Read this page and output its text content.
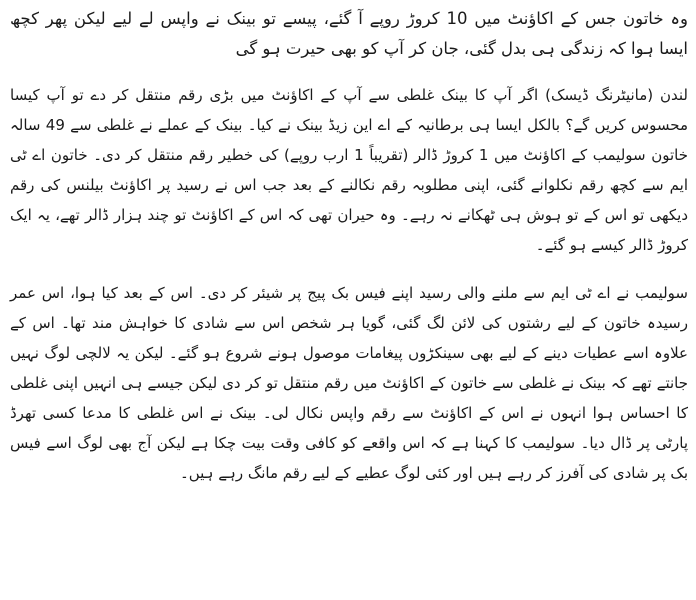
وہ خاتون جس کے اکاؤنٹ میں 10 کروڑ روپے آ گئے، پیسے تو بینک نے واپس لے لیے لیکن پھر کچھ ایسا ہوا کہ زندگی ہی بدل گئی، جان کر آپ کو بھی حیرت ہو گی

لندن (مانیٹرنگ ڈیسک) اگر آپ کا بینک غلطی سے آپ کے اکاؤنٹ میں بڑی رقم منتقل کر دے تو آپ کیسا محسوس کریں گے؟ بالکل ایسا ہی برطانیہ کے اے این زیڈ بینک نے کیا۔ بینک کے عملے نے غلطی سے 49 سالہ خاتون سولیمب کے اکاؤنٹ میں 1 کروڑ ڈالر (تقریباً 1 ارب روپے) کی خطیر رقم منتقل کر دی۔ خاتون اے ٹی ایم سے کچھ رقم نکلوانے گئی، اپنی مطلوبہ رقم نکالنے کے بعد جب اس نے رسید پر اکاؤنٹ بیلنس کی رقم دیکھی تو اس کے تو ہوش ہی ٹھکانے نہ رہے۔ وہ حیران تھی کہ اس کے اکاؤنٹ تو چند ہزار ڈالر تھے، یہ ایک کروڑ ڈالر کیسے ہو گئے۔

سولیمب نے اے ٹی ایم سے ملنے والی رسید اپنے فیس بک پیج پر شیئر کر دی۔ اس کے بعد کیا ہوا، اس عمر رسیدہ خاتون کے لیے رشتوں کی لائن لگ گئی، گویا ہر شخص اس سے شادی کا خواہش مند تھا۔ اس کے علاوہ اسے عطیات دینے کے لیے بھی سینکڑوں پیغامات موصول ہونے شروع ہو گئے۔ لیکن یہ لالچی لوگ نہیں جانتے تھے کہ بینک نے غلطی سے خاتون کے اکاؤنٹ میں رقم منتقل تو کر دی لیکن جیسے ہی انہیں اپنی غلطی کا احساس ہوا انہوں نے اس کے اکاؤنٹ سے رقم واپس نکال لی۔ بینک نے اس غلطی کا مدعا کسی تھرڈ پارٹی پر ڈال دیا۔ سولیمب کا کہنا ہے کہ اس واقعے کو کافی وقت بیت چکا ہے لیکن آج بھی لوگ اسے فیس بک پر شادی کی آفرز کر رہے ہیں اور کئی لوگ عطیے کے لیے رقم مانگ رہے ہیں۔
